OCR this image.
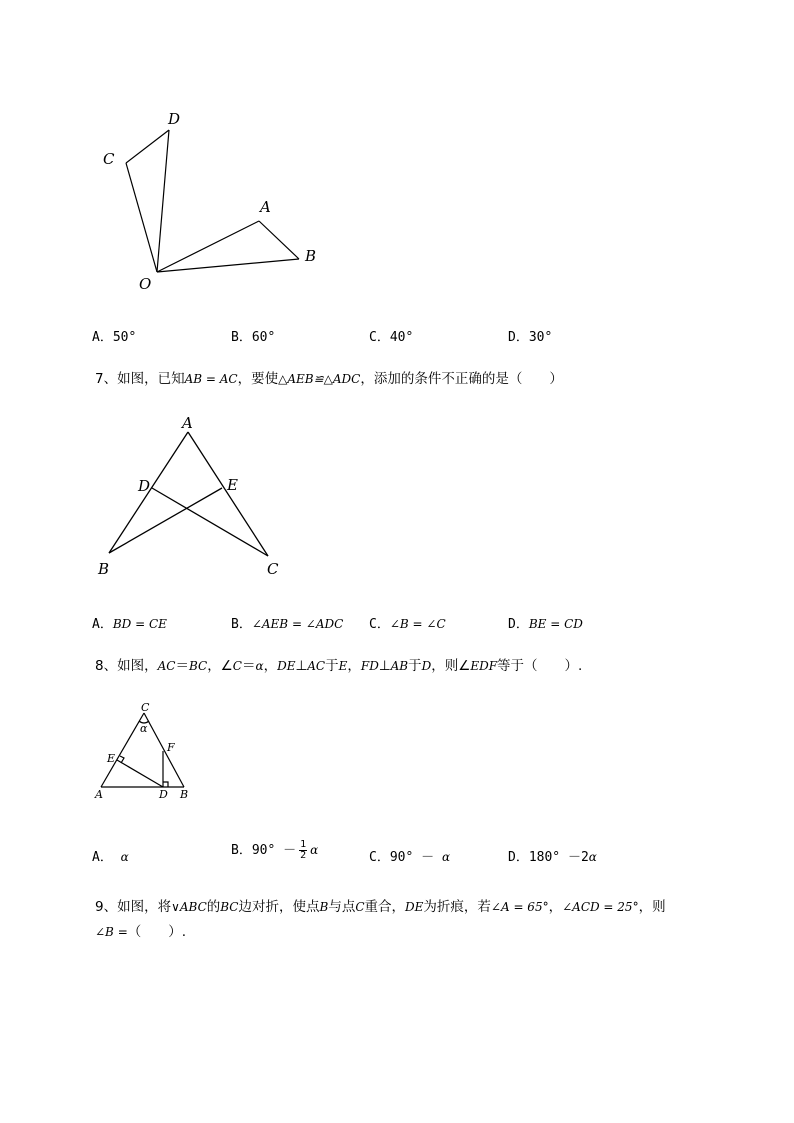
D
C
A
B
O
A．50°	B．60°	C．40°	D．30°
7、如图，已知AB = AC，要使△AEB≌△ADC，添加的条件不正确的是（　　）
A
D	E
B	C
A．BD = CE	B．∠AEB = ∠ADC C．∠B = ∠C	D．BE = CD
8、如图，AC＝BC，∠C＝α，DE⊥AC于E，FD⊥AB于D，则∠EDF等于（　　）.
C
α
F
E
A	D B
A． α	B．$90^\circ - \frac{1}{2}$ α	C．90° － α	D．180° －2α
9、如图，将∨ABC的BC边对折，使点B与点C重合，DE为折痕，若∠A = 65°，∠ACD = 25°，则
∠B =（　　）.
